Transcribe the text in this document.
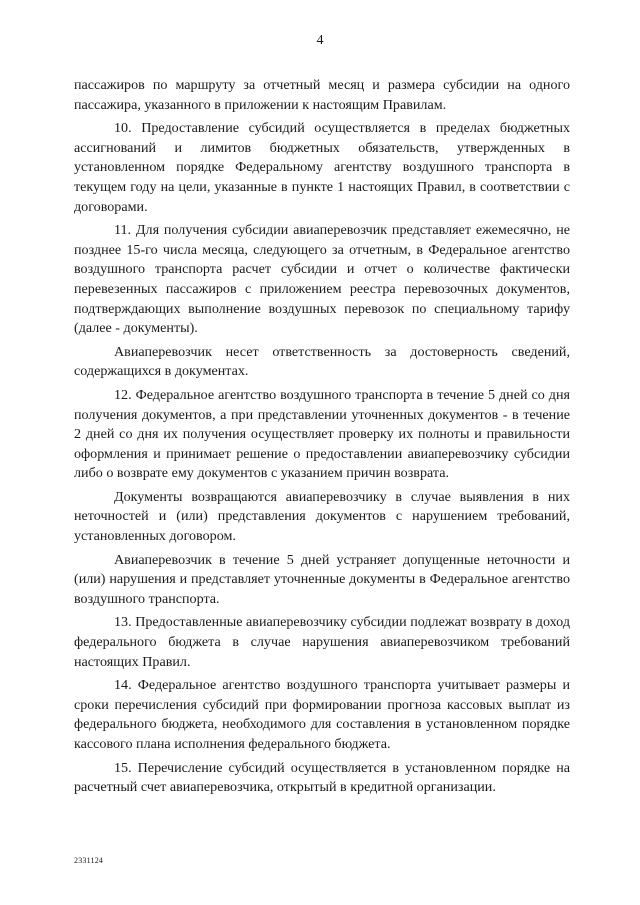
4

пассажиров по маршруту за отчетный месяц и размера субсидии на одного пассажира, указанного в приложении к настоящим Правилам.

10. Предоставление субсидий осуществляется в пределах бюджетных ассигнований и лимитов бюджетных обязательств, утвержденных в установленном порядке Федеральному агентству воздушного транспорта в текущем году на цели, указанные в пункте 1 настоящих Правил, в соответствии с договорами.

11. Для получения субсидии авиаперевозчик представляет ежемесячно, не позднее 15-го числа месяца, следующего за отчетным, в Федеральное агентство воздушного транспорта расчет субсидии и отчет о количестве фактически перевезенных пассажиров с приложением реестра перевозочных документов, подтверждающих выполнение воздушных перевозок по специальному тарифу (далее - документы).

Авиаперевозчик несет ответственность за достоверность сведений, содержащихся в документах.

12. Федеральное агентство воздушного транспорта в течение 5 дней со дня получения документов, а при представлении уточненных документов - в течение 2 дней со дня их получения осуществляет проверку их полноты и правильности оформления и принимает решение о предоставлении авиаперевозчику субсидии либо о возврате ему документов с указанием причин возврата.

Документы возвращаются авиаперевозчику в случае выявления в них неточностей и (или) представления документов с нарушением требований, установленных договором.

Авиаперевозчик в течение 5 дней устраняет допущенные неточности и (или) нарушения и представляет уточненные документы в Федеральное агентство воздушного транспорта.

13. Предоставленные авиаперевозчику субсидии подлежат возврату в доход федерального бюджета в случае нарушения авиаперевозчиком требований настоящих Правил.

14. Федеральное агентство воздушного транспорта учитывает размеры и сроки перечисления субсидий при формировании прогноза кассовых выплат из федерального бюджета, необходимого для составления в установленном порядке кассового плана исполнения федерального бюджета.

15. Перечисление субсидий осуществляется в установленном порядке на расчетный счет авиаперевозчика, открытый в кредитной организации.

2331124
